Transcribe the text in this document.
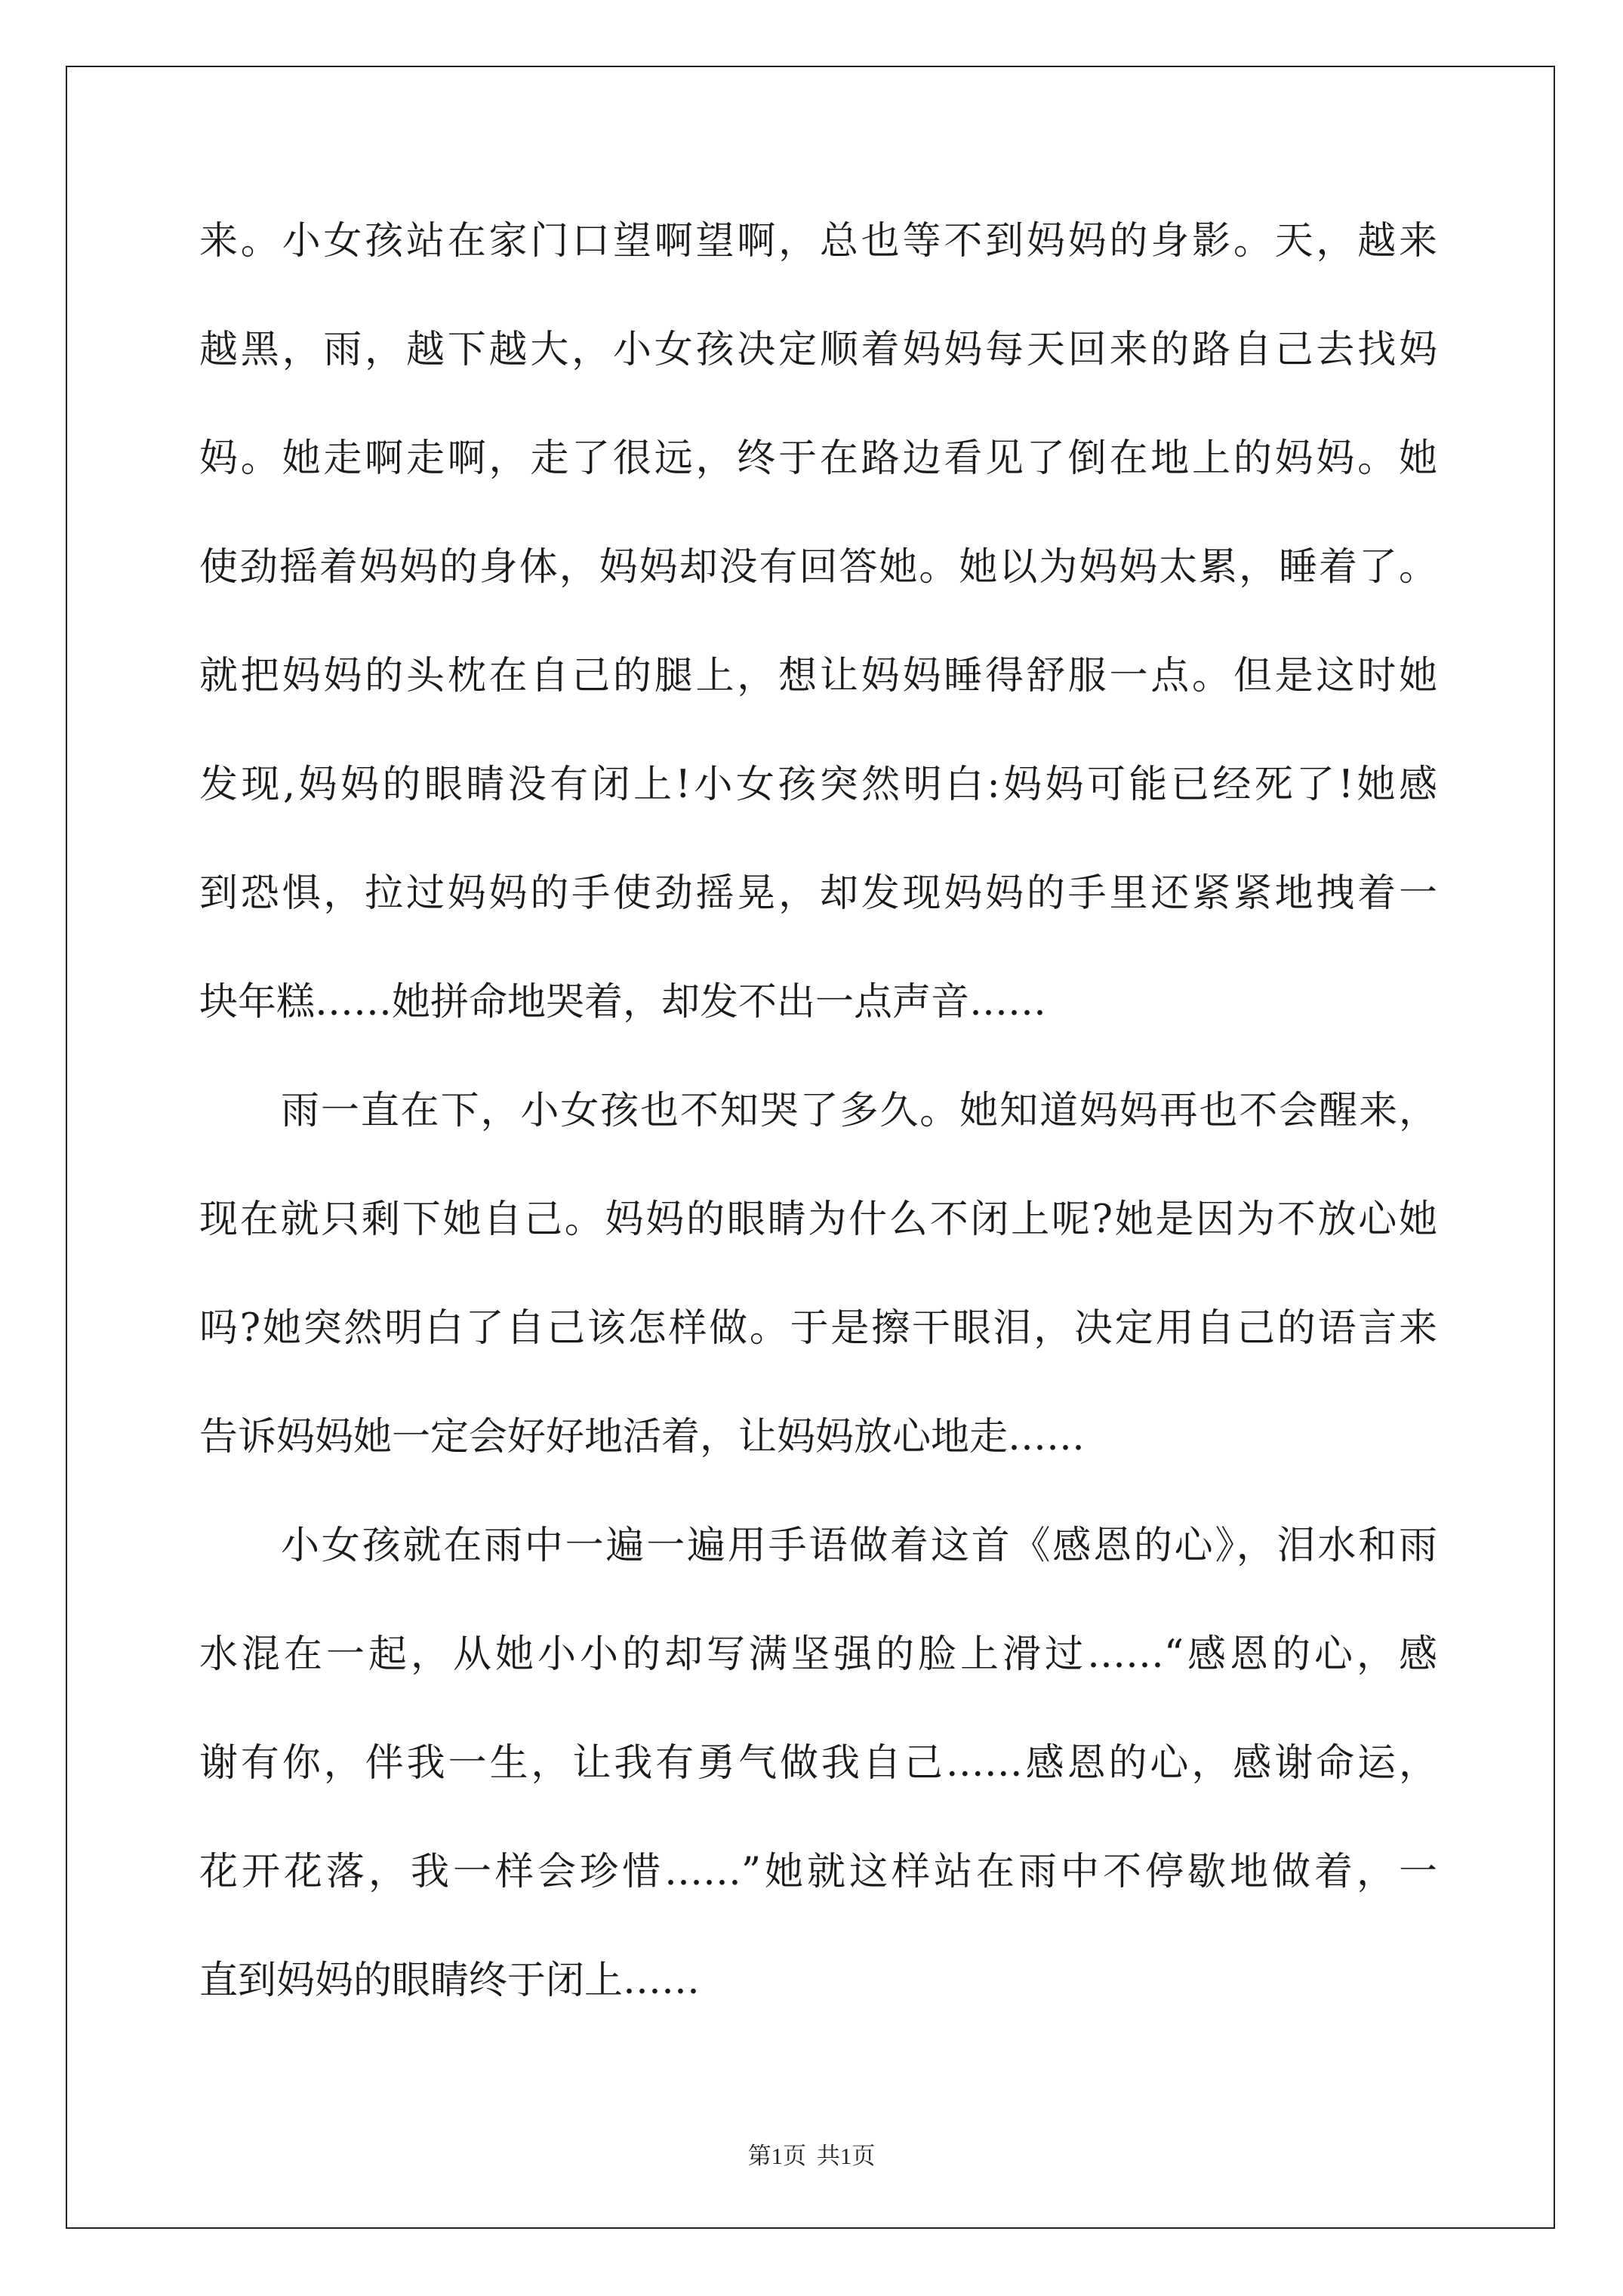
来。小女孩站在家门口望啊望啊，总也等不到妈妈的身影。天，越来
越黑，雨，越下越大，小女孩决定顺着妈妈每天回来的路自己去找妈
妈。她走啊走啊，走了很远，终于在路边看见了倒在地上的妈妈。她
使劲摇着妈妈的身体，妈妈却没有回答她。她以为妈妈太累，睡着了。
就把妈妈的头枕在自己的腿上，想让妈妈睡得舒服一点。但是这时她
发现,妈妈的眼睛没有闭上!小女孩突然明白:妈妈可能已经死了!她感
到恐惧，拉过妈妈的手使劲摇晃，却发现妈妈的手里还紧紧地拽着一
块年糕……她拼命地哭着，却发不出一点声音……
雨一直在下，小女孩也不知哭了多久。她知道妈妈再也不会醒来，
现在就只剩下她自己。妈妈的眼睛为什么不闭上呢?她是因为不放心她
吗?她突然明白了自己该怎样做。于是擦干眼泪，决定用自己的语言来
告诉妈妈她一定会好好地活着，让妈妈放心地走……
小女孩就在雨中一遍一遍用手语做着这首《感恩的心》，泪水和雨
水混在一起，从她小小的却写满坚强的脸上滑过……“感恩的心，感
谢有你，伴我一生，让我有勇气做我自己……感恩的心，感谢命运，
花开花落，我一样会珍惜……”她就这样站在雨中不停歇地做着，一
直到妈妈的眼睛终于闭上……
第1页 共1页
